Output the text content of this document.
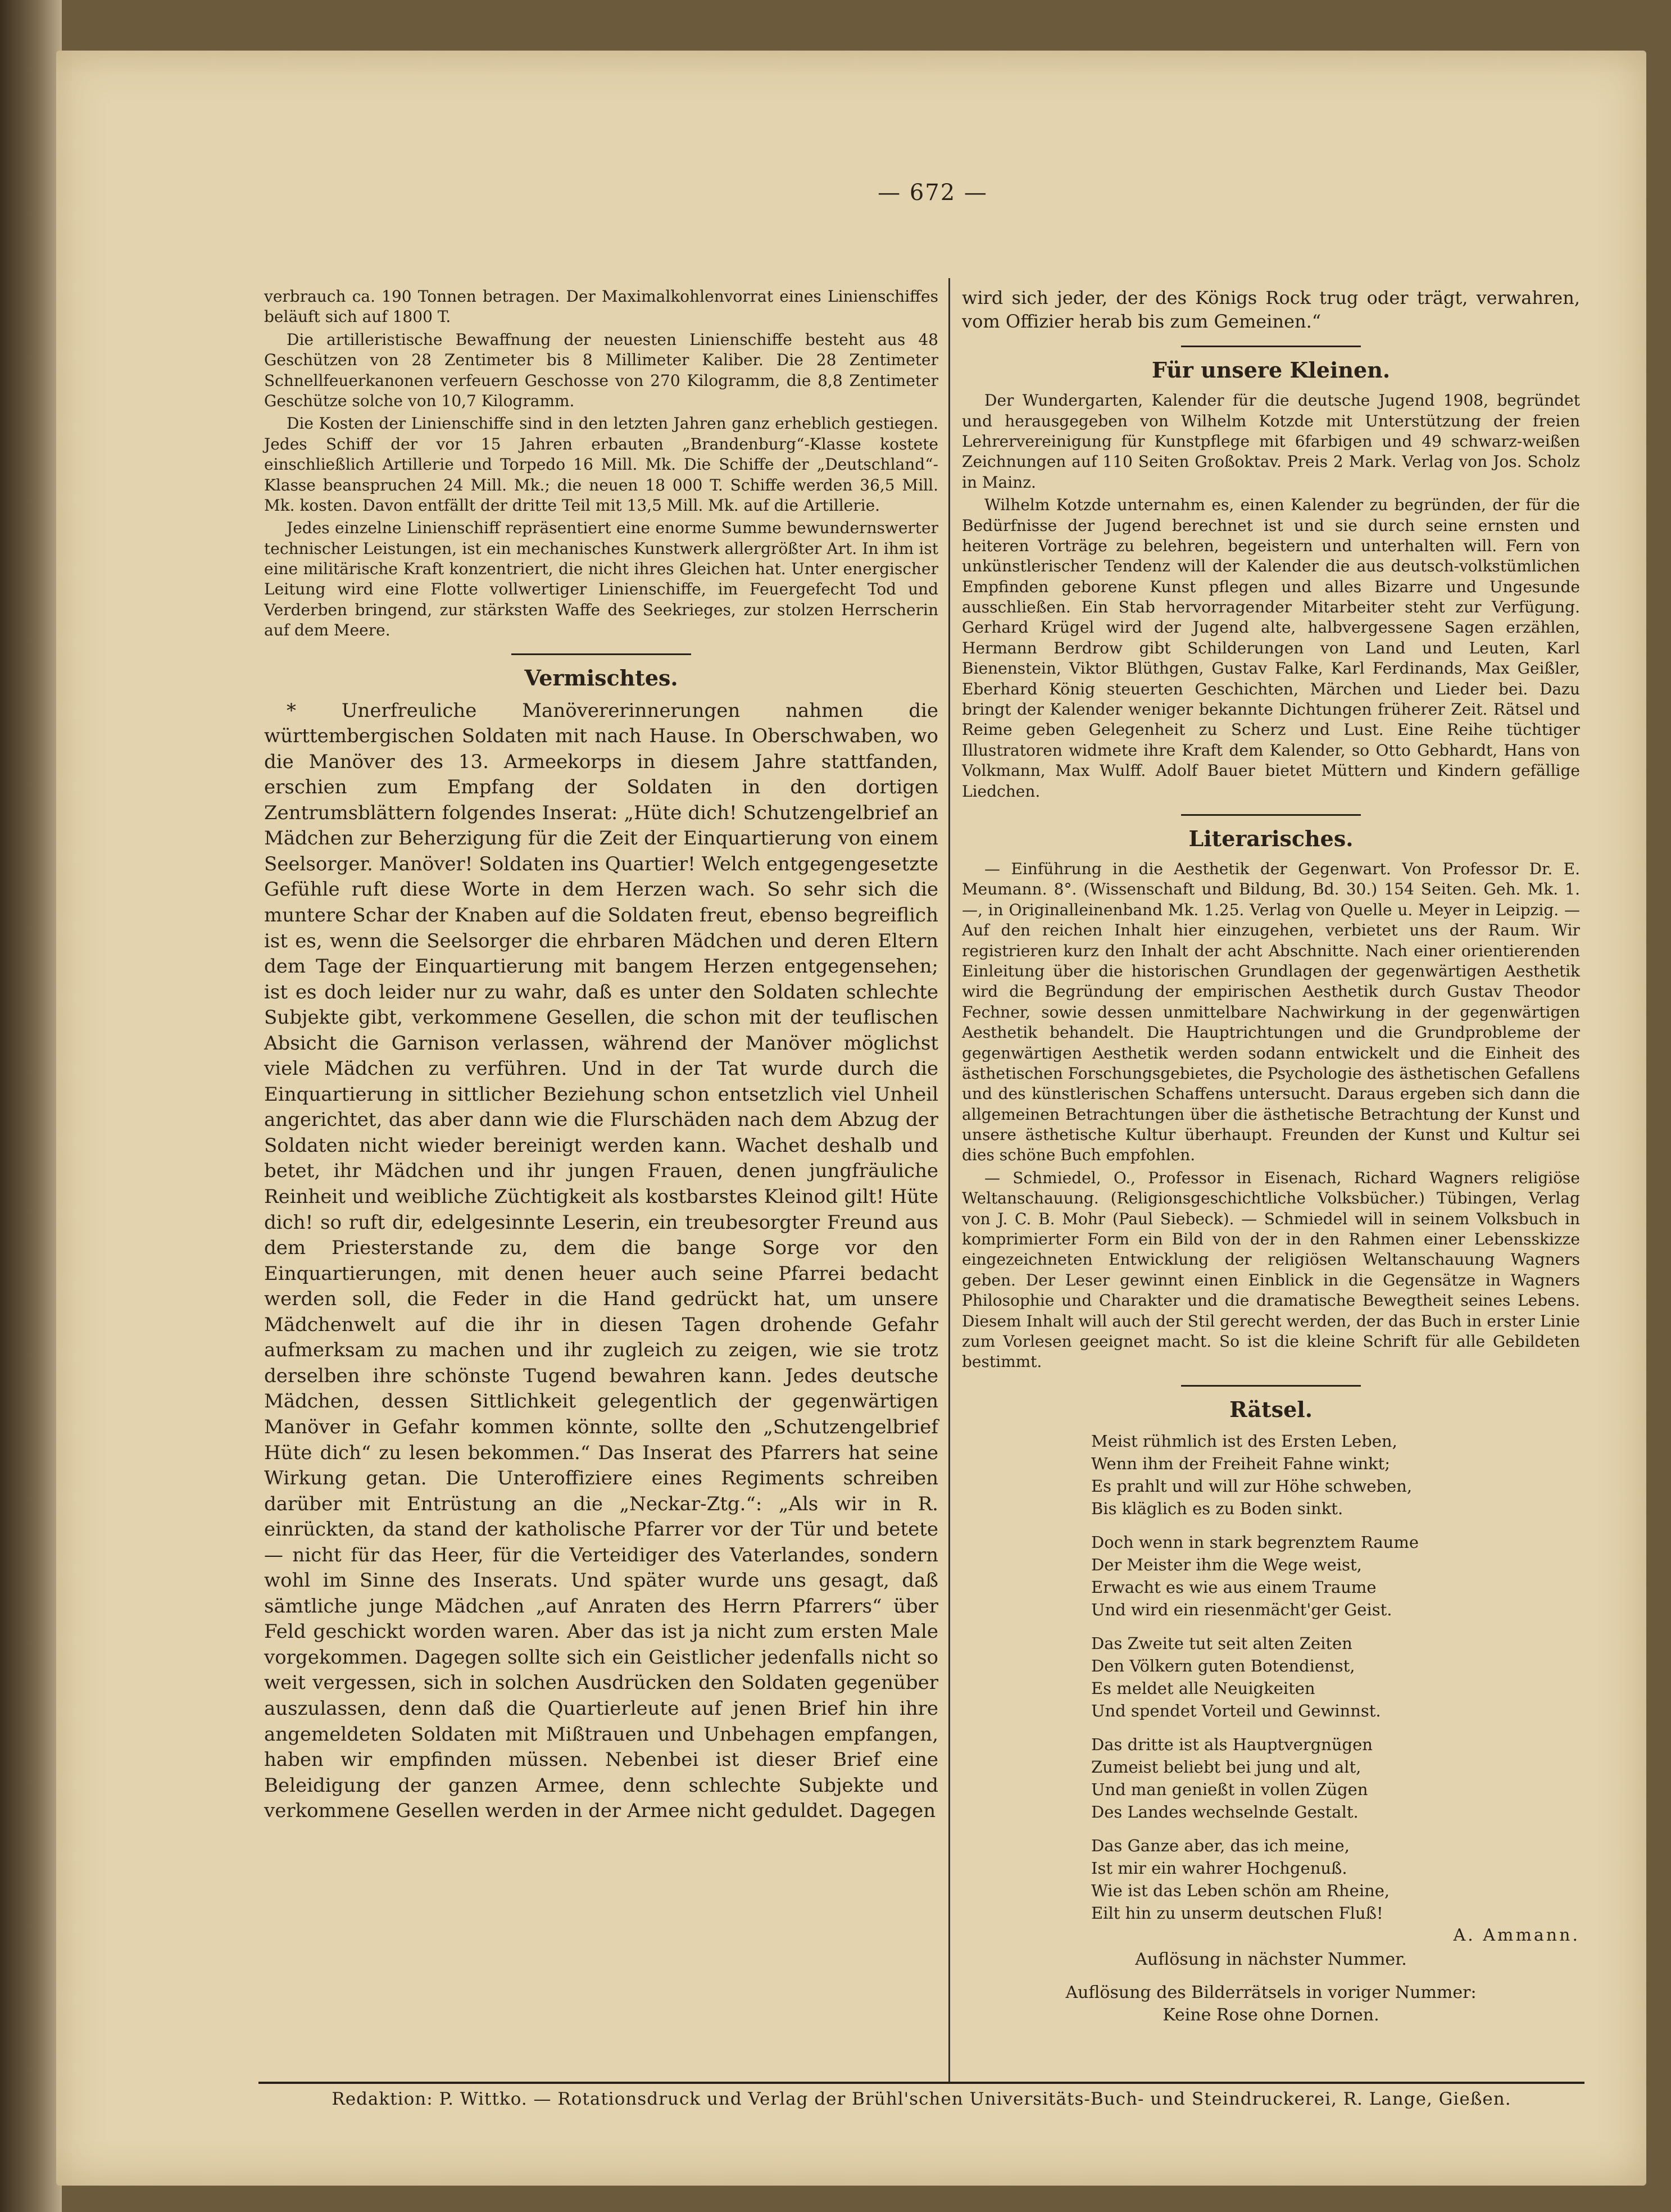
— 672 —

verbrauch ca. 190 Tonnen betragen. Der Maximalkohlenvorrat eines Linienschiffes beläuft sich auf 1800 T.

Die artilleristische Bewaffnung der neuesten Linienschiffe besteht aus 48 Geschützen von 28 Zentimeter bis 8 Millimeter Kaliber. Die 28 Zentimeter Schnellfeuerkanonen verfeuern Geschosse von 270 Kilogramm, die 8,8 Zentimeter Geschütze solche von 10,7 Kilogramm.

Die Kosten der Linienschiffe sind in den letzten Jahren ganz erheblich gestiegen. Jedes Schiff der vor 15 Jahren erbauten „Brandenburg“-Klasse kostete einschließlich Artillerie und Torpedo 16 Mill. Mk. Die Schiffe der „Deutschland“-Klasse beanspruchen 24 Mill. Mk.; die neuen 18 000 T. Schiffe werden 36,5 Mill. Mk. kosten. Davon entfällt der dritte Teil mit 13,5 Mill. Mk. auf die Artillerie.

Jedes einzelne Linienschiff repräsentiert eine enorme Summe bewundernswerter technischer Leistungen, ist ein mechanisches Kunstwerk allergrößter Art. In ihm ist eine militärische Kraft konzentriert, die nicht ihres Gleichen hat. Unter energischer Leitung wird eine Flotte vollwertiger Linienschiffe, im Feuergefecht Tod und Verderben bringend, zur stärksten Waffe des Seekrieges, zur stolzen Herrscherin auf dem Meere.

Vermischtes.

* Unerfreuliche Manövererinnerungen nahmen die württembergischen Soldaten mit nach Hause. In Oberschwaben, wo die Manöver des 13. Armeekorps in diesem Jahre stattfanden, erschien zum Empfang der Soldaten in den dortigen Zentrumsblättern folgendes Inserat: „Hüte dich! Schutzengelbrief an Mädchen zur Beherzigung für die Zeit der Einquartierung von einem Seelsorger. Manöver! Soldaten ins Quartier! Welch entgegengesetzte Gefühle ruft diese Worte in dem Herzen wach. So sehr sich die muntere Schar der Knaben auf die Soldaten freut, ebenso begreiflich ist es, wenn die Seelsorger die ehrbaren Mädchen und deren Eltern dem Tage der Einquartierung mit bangem Herzen entgegensehen; ist es doch leider nur zu wahr, daß es unter den Soldaten schlechte Subjekte gibt, verkommene Gesellen, die schon mit der teuflischen Absicht die Garnison verlassen, während der Manöver möglichst viele Mädchen zu verführen. Und in der Tat wurde durch die Einquartierung in sittlicher Beziehung schon entsetzlich viel Unheil angerichtet, das aber dann wie die Flurschäden nach dem Abzug der Soldaten nicht wieder bereinigt werden kann. Wachet deshalb und betet, ihr Mädchen und ihr jungen Frauen, denen jungfräuliche Reinheit und weibliche Züchtigkeit als kostbarstes Kleinod gilt! Hüte dich! so ruft dir, edelgesinnte Leserin, ein treubesorgter Freund aus dem Priesterstande zu, dem die bange Sorge vor den Einquartierungen, mit denen heuer auch seine Pfarrei bedacht werden soll, die Feder in die Hand gedrückt hat, um unsere Mädchenwelt auf die ihr in diesen Tagen drohende Gefahr aufmerksam zu machen und ihr zugleich zu zeigen, wie sie trotz derselben ihre schönste Tugend bewahren kann. Jedes deutsche Mädchen, dessen Sittlichkeit gelegentlich der gegenwärtigen Manöver in Gefahr kommen könnte, sollte den „Schutzengelbrief Hüte dich“ zu lesen bekommen.“ Das Inserat des Pfarrers hat seine Wirkung getan. Die Unteroffiziere eines Regiments schreiben darüber mit Entrüstung an die „Neckar-Ztg.“: „Als wir in R. einrückten, da stand der katholische Pfarrer vor der Tür und betete — nicht für das Heer, für die Verteidiger des Vaterlandes, sondern wohl im Sinne des Inserats. Und später wurde uns gesagt, daß sämtliche junge Mädchen „auf Anraten des Herrn Pfarrers“ über Feld geschickt worden waren. Aber das ist ja nicht zum ersten Male vorgekommen. Dagegen sollte sich ein Geistlicher jedenfalls nicht so weit vergessen, sich in solchen Ausdrücken den Soldaten gegenüber auszulassen, denn daß die Quartierleute auf jenen Brief hin ihre angemeldeten Soldaten mit Mißtrauen und Unbehagen empfangen, haben wir empfinden müssen. Nebenbei ist dieser Brief eine Beleidigung der ganzen Armee, denn schlechte Subjekte und verkommene Gesellen werden in der Armee nicht geduldet. Dagegen

wird sich jeder, der des Königs Rock trug oder trägt, verwahren, vom Offizier herab bis zum Gemeinen.“

Für unsere Kleinen.

Der Wundergarten, Kalender für die deutsche Jugend 1908, begründet und herausgegeben von Wilhelm Kotzde mit Unterstützung der freien Lehrervereinigung für Kunstpflege mit 6farbigen und 49 schwarz-weißen Zeichnungen auf 110 Seiten Großoktav. Preis 2 Mark. Verlag von Jos. Scholz in Mainz.

Wilhelm Kotzde unternahm es, einen Kalender zu begründen, der für die Bedürfnisse der Jugend berechnet ist und sie durch seine ernsten und heiteren Vorträge zu belehren, begeistern und unterhalten will. Fern von unkünstlerischer Tendenz will der Kalender die aus deutsch-volkstümlichen Empfinden geborene Kunst pflegen und alles Bizarre und Ungesunde ausschließen. Ein Stab hervorragender Mitarbeiter steht zur Verfügung. Gerhard Krügel wird der Jugend alte, halbvergessene Sagen erzählen, Hermann Berdrow gibt Schilderungen von Land und Leuten, Karl Bienenstein, Viktor Blüthgen, Gustav Falke, Karl Ferdinands, Max Geißler, Eberhard König steuerten Geschichten, Märchen und Lieder bei. Dazu bringt der Kalender weniger bekannte Dichtungen früherer Zeit. Rätsel und Reime geben Gelegenheit zu Scherz und Lust. Eine Reihe tüchtiger Illustratoren widmete ihre Kraft dem Kalender, so Otto Gebhardt, Hans von Volkmann, Max Wulff. Adolf Bauer bietet Müttern und Kindern gefällige Liedchen.

Literarisches.

— Einführung in die Aesthetik der Gegenwart. Von Professor Dr. E. Meumann. 8°. (Wissenschaft und Bildung, Bd. 30.) 154 Seiten. Geh. Mk. 1.—, in Originalleinenband Mk. 1.25. Verlag von Quelle u. Meyer in Leipzig. — Auf den reichen Inhalt hier einzugehen, verbietet uns der Raum. Wir registrieren kurz den Inhalt der acht Abschnitte. Nach einer orientierenden Einleitung über die historischen Grundlagen der gegenwärtigen Aesthetik wird die Begründung der empirischen Aesthetik durch Gustav Theodor Fechner, sowie dessen unmittelbare Nachwirkung in der gegenwärtigen Aesthetik behandelt. Die Hauptrichtungen und die Grundprobleme der gegenwärtigen Aesthetik werden sodann entwickelt und die Einheit des ästhetischen Forschungsgebietes, die Psychologie des ästhetischen Gefallens und des künstlerischen Schaffens untersucht. Daraus ergeben sich dann die allgemeinen Betrachtungen über die ästhetische Betrachtung der Kunst und unsere ästhetische Kultur überhaupt. Freunden der Kunst und Kultur sei dies schöne Buch empfohlen.

— Schmiedel, O., Professor in Eisenach, Richard Wagners religiöse Weltanschauung. (Religionsgeschichtliche Volksbücher.) Tübingen, Verlag von J. C. B. Mohr (Paul Siebeck). — Schmiedel will in seinem Volksbuch in komprimierter Form ein Bild von der in den Rahmen einer Lebensskizze eingezeichneten Entwicklung der religiösen Weltanschauung Wagners geben. Der Leser gewinnt einen Einblick in die Gegensätze in Wagners Philosophie und Charakter und die dramatische Bewegtheit seines Lebens. Diesem Inhalt will auch der Stil gerecht werden, der das Buch in erster Linie zum Vorlesen geeignet macht. So ist die kleine Schrift für alle Gebildeten bestimmt.

Rätsel.
Meist rühmlich ist des Ersten Leben,
Wenn ihm der Freiheit Fahne winkt;
Es prahlt und will zur Höhe schweben,
Bis kläglich es zu Boden sinkt.
Doch wenn in stark begrenztem Raume
Der Meister ihm die Wege weist,
Erwacht es wie aus einem Traume
Und wird ein riesenmächt'ger Geist.
Das Zweite tut seit alten Zeiten
Den Völkern guten Botendienst,
Es meldet alle Neuigkeiten
Und spendet Vorteil und Gewinnst.
Das dritte ist als Hauptvergnügen
Zumeist beliebt bei jung und alt,
Und man genießt in vollen Zügen
Des Landes wechselnde Gestalt.
Das Ganze aber, das ich meine,
Ist mir ein wahrer Hochgenuß.
Wie ist das Leben schön am Rheine,
Eilt hin zu unserm deutschen Fluß!
A. Ammann.
Auflösung in nächster Nummer.
Auflösung des Bilderrätsels in voriger Nummer:
Keine Rose ohne Dornen.
Redaktion: P. Wittko. — Rotationsdruck und Verlag der Brühl'schen Universitäts-Buch- und Steindruckerei, R. Lange, Gießen.
